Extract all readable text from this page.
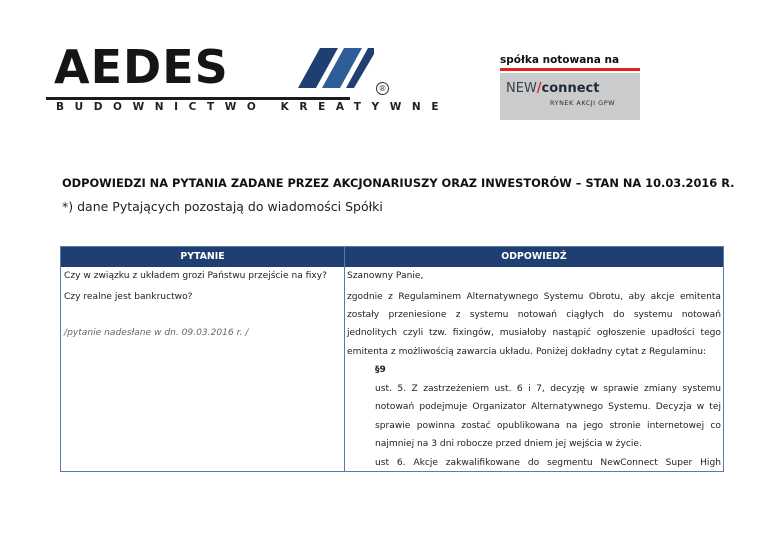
AEDES	®
BUDOWNICTWO KREATYWNE
spółka notowana na
NEW/connect
RYNEK AKCJI GPW
ODPOWIEDZI NA PYTANIA ZADANE PRZEZ AKCJONARIUSZY ORAZ INWESTORÓW – STAN NA 10.03.2016 R.
*) dane Pytających pozostają do wiadomości Spółki
PYTANIE	ODPOWIEDŹ
Czy w związku z układem grozi Państwu przejście na fixy?
Czy realne jest bankructwo?
/pytanie nadesłane w dn. 09.03.2016 r. /
Szanowny Panie,
zgodnie z Regulaminem Alternatywnego Systemu Obrotu, aby akcje emitenta
zostały przeniesione z systemu notowań ciągłych do systemu notowań
jednolitych czyli tzw. fixingów, musiałoby nastąpić ogłoszenie upadłości tego
emitenta z możliwością zawarcia układu. Poniżej dokładny cytat z Regulaminu:
§9
ust. 5. Z zastrzeżeniem ust. 6 i 7, decyzję w sprawie zmiany systemu
notowań podejmuje Organizator Alternatywnego Systemu. Decyzja w tej
sprawie powinna zostać opublikowana na jego stronie internetowej co
najmniej na 3 dni robocze przed dniem jej wejścia w życie.
ust 6. Akcje zakwalifikowane do segmentu NewConnect Super High
